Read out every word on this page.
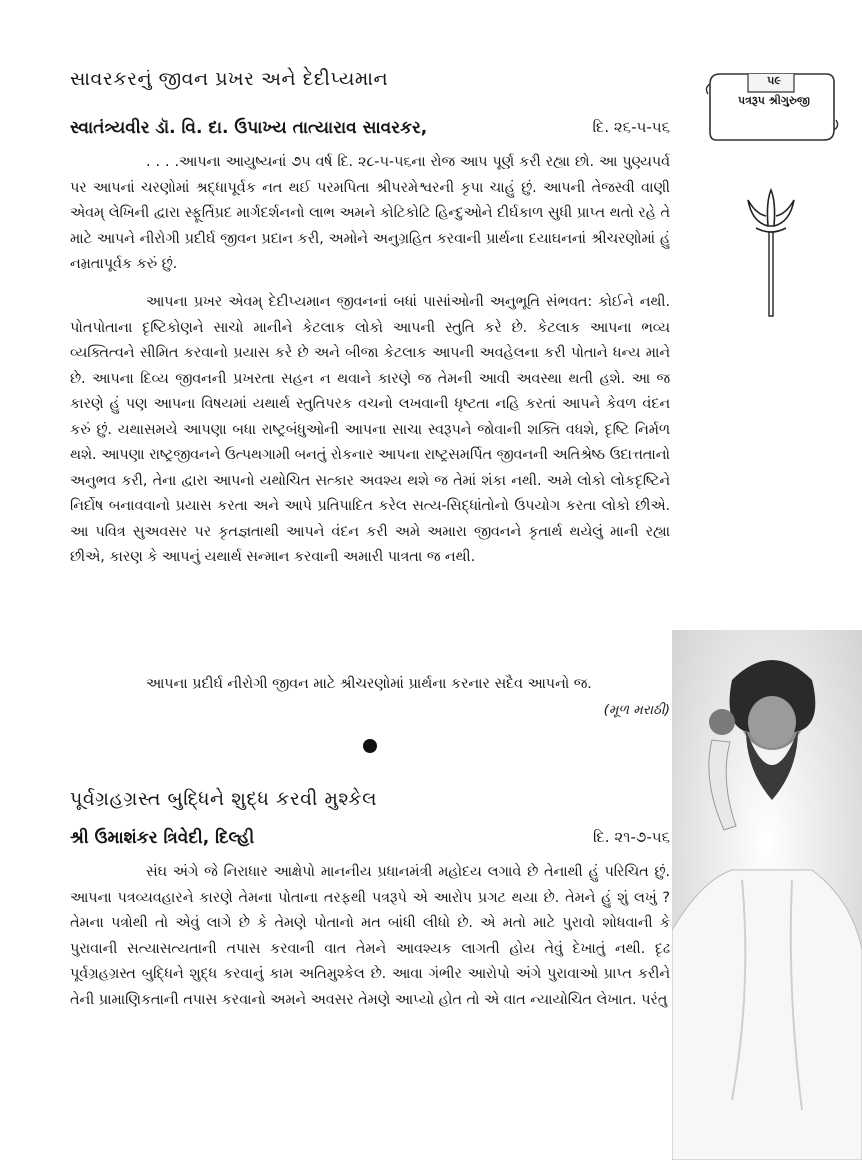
૫૯
પત્રરૂપ શ્રીગુરુજી
સાવરકરનું જીવન પ્રખર અને દેદીપ્યમાન
સ્વાતંત્ર્યવીર ડૉ. વિ. દા. ઉપાખ્ય તાત્યારાવ સાવરકર,	દિ. ૨૬-૫-૫૬

. . . .આપના આયુષ્યનાં ૭૫ વર્ષ દિ. ૨૮-૫-૫૬ના રોજ આપ પૂર્ણ કરી રહ્યા છો. આ પુણ્યપર્વ પર આપનાં ચરણોમાં શ્રદ્ધાપૂર્વક નત થઈ પરમપિતા શ્રીપરમેશ્વરની કૃપા ચાહું છું. આપની તેજસ્વી વાણી એવમ્ લેખિની દ્વારા સ્ફૂર્તિપ્રદ માર્ગદર્શનનો લાભ અમને કોટિકોટિ હિન્દુઓને દીર્ઘકાળ સુધી પ્રાપ્ત થતો રહે તે માટે આપને નીરોગી પ્રદીર્ઘ જીવન પ્રદાન કરી, અમોને અનુગ્રહિત કરવાની પ્રાર્થના દયાઘનનાં શ્રીચરણોમાં હું નમ્રતાપૂર્વક કરું છું.

આપના પ્રખર એવમ્ દેદીપ્યમાન જીવનનાં બધાં પાસાંઓની અનુભૂતિ સંભવત: કોઈને નથી. પોતપોતાના દૃષ્ટિકોણને સાચો માનીને કેટલાક લોકો આપની સ્તુતિ કરે છે. કેટલાક આપના ભવ્ય વ્યક્તિત્વને સીમિત કરવાનો પ્રયાસ કરે છે અને બીજા કેટલાક આપની અવહેલના કરી પોતાને ધન્ય માને છે. આપના દિવ્ય જીવનની પ્રખરતા સહન ન થવાને કારણે જ તેમની આવી અવસ્થા થતી હશે. આ જ કારણે હું પણ આપના વિષયમાં યથાર્થ સ્તુતિપરક વચનો લખવાની ધૃષ્ટતા નહિ કરતાં આપને કેવળ વંદન કરું છું. યથાસમયે આપણા બધા રાષ્ટ્રબંધુઓની આપના સાચા સ્વરૂપને જોવાની શક્તિ વધશે, દૃષ્ટિ નિર્મળ થશે. આપણા રાષ્ટ્રજીવનને ઉત્પથગામી બનતું રોકનાર આપના રાષ્ટ્રસમર્પિત જીવનની અતિશ્રેષ્ઠ ઉદાત્તતાનો અનુભવ કરી, તેના દ્વારા આપનો યથોચિત સત્કાર અવશ્ય થશે જ તેમાં શંકા નથી. અમે લોકો લોકદૃષ્ટિને નિર્દોષ બનાવવાનો પ્રયાસ કરતા અને આપે પ્રતિપાદિત કરેલ સત્ય-સિદ્ધાંતોનો ઉપયોગ કરતા લોકો છીએ. આ પવિત્ર સુઅવસર પર કૃતજ્ઞતાથી આપને વંદન કરી અમે અમારા જીવનને કૃતાર્થ થયેલું માની રહ્યા છીએ, કારણ કે આપનું યથાર્થ સન્માન કરવાની અમારી પાત્રતા જ નથી.

આપના પ્રદીર્ઘ નીરોગી જીવન માટે શ્રીચરણોમાં પ્રાર્થના કરનાર સદૈવ આપનો જ.

(મૂળ મરાઠી)
પૂર્વગ્રહગ્રસ્ત બુદ્ધિને શુદ્ધ કરવી મુશ્કેલ
શ્રી ઉમાશંકર ત્રિવેદી, દિલ્હી	દિ. ૨૧-૭-૫૬

સંઘ અંગે જે નિરાધાર આક્ષેપો માનનીય પ્રધાનમંત્રી મહોદય લગાવે છે તેનાથી હું પરિચિત છું. આપના પત્રવ્યવહારને કારણે તેમના પોતાના તરફથી પત્રરૂપે એ આરોપ પ્રગટ થયા છે. તેમને હું શું લખું ? તેમના પત્રોથી તો એવું લાગે છે કે તેમણે પોતાનો મત બાંધી લીધો છે. એ મતો માટે પુરાવો શોધવાની કે પુરાવાની સત્યાસત્યતાની તપાસ કરવાની વાત તેમને આવશ્યક લાગતી હોય તેવું દેખાતું નથી. દૃઢ પૂર્વગ્રહગ્રસ્ત બુદ્ધિને શુદ્ધ કરવાનું કામ અતિમુશ્કેલ છે. આવા ગંભીર આરોપો અંગે પુરાવાઓ પ્રાપ્ત કરીને તેની પ્રામાણિકતાની તપાસ કરવાનો અમને અવસર તેમણે આપ્યો હોત તો એ વાત ન્યાયોચિત લેખાત. પરંતુ
